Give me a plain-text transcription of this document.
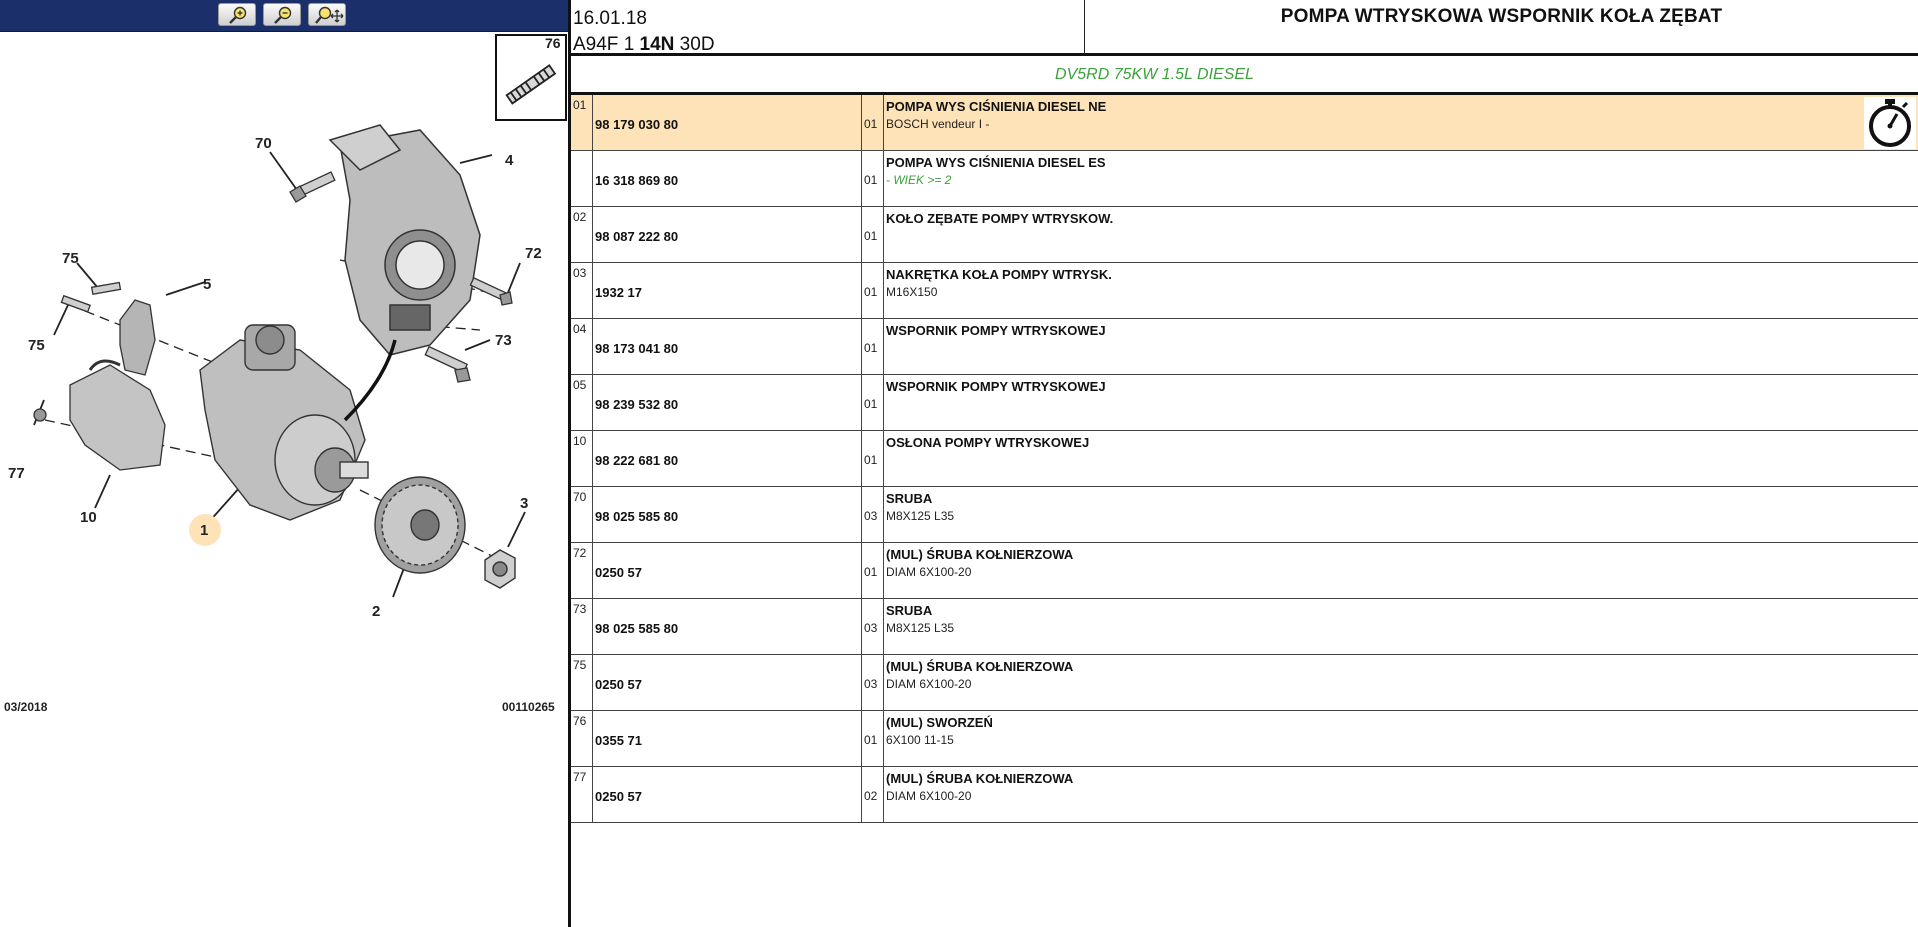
76
70
4
75
5
72
75	73
77
10
1
3
2
03/2018	00110265
16.01.18
A94F 1 14N 30D
POMPA WTRYSKOWA WSPORNIK KOŁA ZĘBAT
DV5RD 75KW 1.5L DIESEL
01
98 179 030 80	01
POMPA WYS CIŚNIENIA DIESEL NE
BOSCH vendeur I -
16 318 869 80	01
POMPA WYS CIŚNIENIA DIESEL ES
- WIEK >= 2
02
98 087 222 80	01
KOŁO ZĘBATE POMPY WTRYSKOW.
03
1932 17	01
NAKRĘTKA KOŁA POMPY WTRYSK.
M16X150
04
98 173 041 80	01
WSPORNIK POMPY WTRYSKOWEJ
05
98 239 532 80	01
WSPORNIK POMPY WTRYSKOWEJ
10
98 222 681 80	01
OSŁONA POMPY WTRYSKOWEJ
70
98 025 585 80	03
SRUBA
M8X125 L35
72
0250 57	01
(MUL) ŚRUBA KOŁNIERZOWA
DIAM 6X100-20
73
98 025 585 80	03
SRUBA
M8X125 L35
75
0250 57	03
(MUL) ŚRUBA KOŁNIERZOWA
DIAM 6X100-20
76
0355 71	01
(MUL) SWORZEŃ
6X100 11-15
77
0250 57	02
(MUL) ŚRUBA KOŁNIERZOWA
DIAM 6X100-20
